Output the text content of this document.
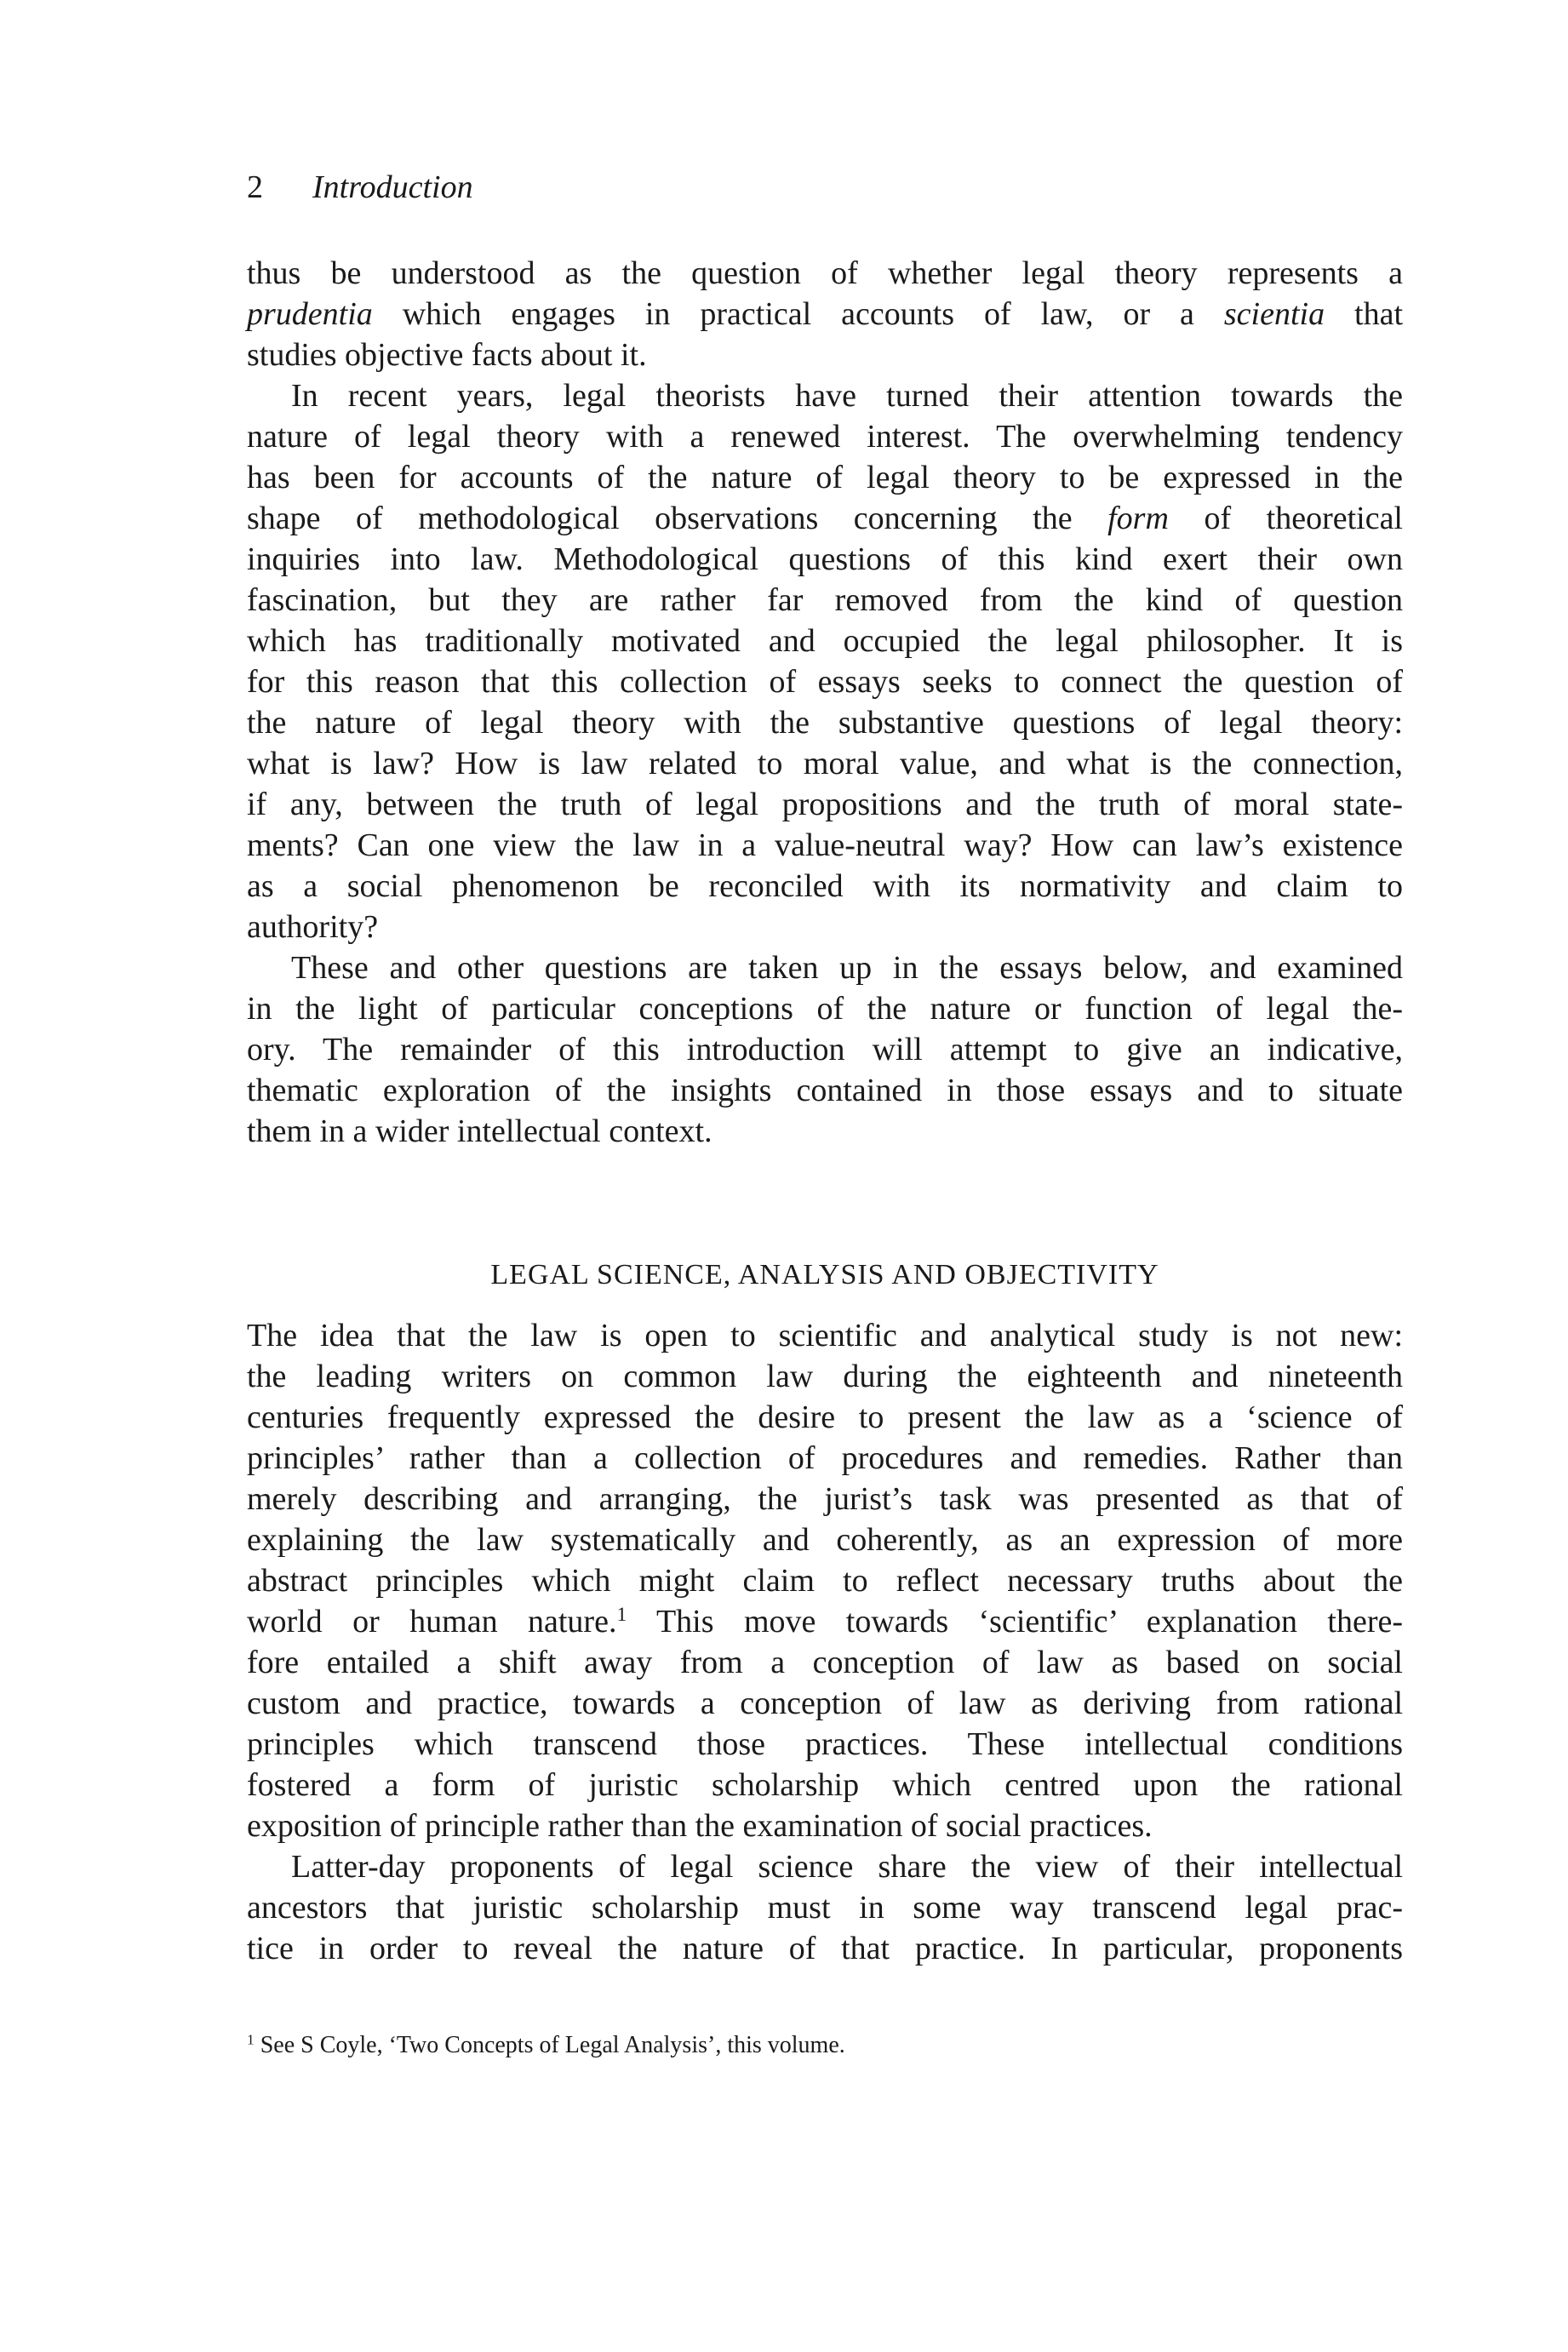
2 Introduction
thus be understood as the question of whether legal theory represents a
prudentia which engages in practical accounts of law, or a scientia that
studies objective facts about it.
In recent years, legal theorists have turned their attention towards the
nature of legal theory with a renewed interest. The overwhelming tendency
has been for accounts of the nature of legal theory to be expressed in the
shape of methodological observations concerning the form of theoretical
inquiries into law. Methodological questions of this kind exert their own
fascination, but they are rather far removed from the kind of question
which has traditionally motivated and occupied the legal philosopher. It is
for this reason that this collection of essays seeks to connect the question of
the nature of legal theory with the substantive questions of legal theory:
what is law? How is law related to moral value, and what is the connection,
if any, between the truth of legal propositions and the truth of moral state-
ments? Can one view the law in a value-neutral way? How can law’s existence
as a social phenomenon be reconciled with its normativity and claim to
authority?
These and other questions are taken up in the essays below, and examined
in the light of particular conceptions of the nature or function of legal the-
ory. The remainder of this introduction will attempt to give an indicative,
thematic exploration of the insights contained in those essays and to situate
them in a wider intellectual context.
LEGAL SCIENCE, ANALYSIS AND OBJECTIVITY
The idea that the law is open to scientific and analytical study is not new:
the leading writers on common law during the eighteenth and nineteenth
centuries frequently expressed the desire to present the law as a ‘science of
principles’ rather than a collection of procedures and remedies. Rather than
merely describing and arranging, the jurist’s task was presented as that of
explaining the law systematically and coherently, as an expression of more
abstract principles which might claim to reflect necessary truths about the
world or human nature.$^1$ This move towards ‘scientific’ explanation there-
fore entailed a shift away from a conception of law as based on social
custom and practice, towards a conception of law as deriving from rational
principles which transcend those practices. These intellectual conditions
fostered a form of juristic scholarship which centred upon the rational
exposition of principle rather than the examination of social practices.
Latter-day proponents of legal science share the view of their intellectual
ancestors that juristic scholarship must in some way transcend legal prac-
tice in order to reveal the nature of that practice. In particular, proponents
$^1$ See S Coyle, ‘Two Concepts of Legal Analysis’, this volume.
